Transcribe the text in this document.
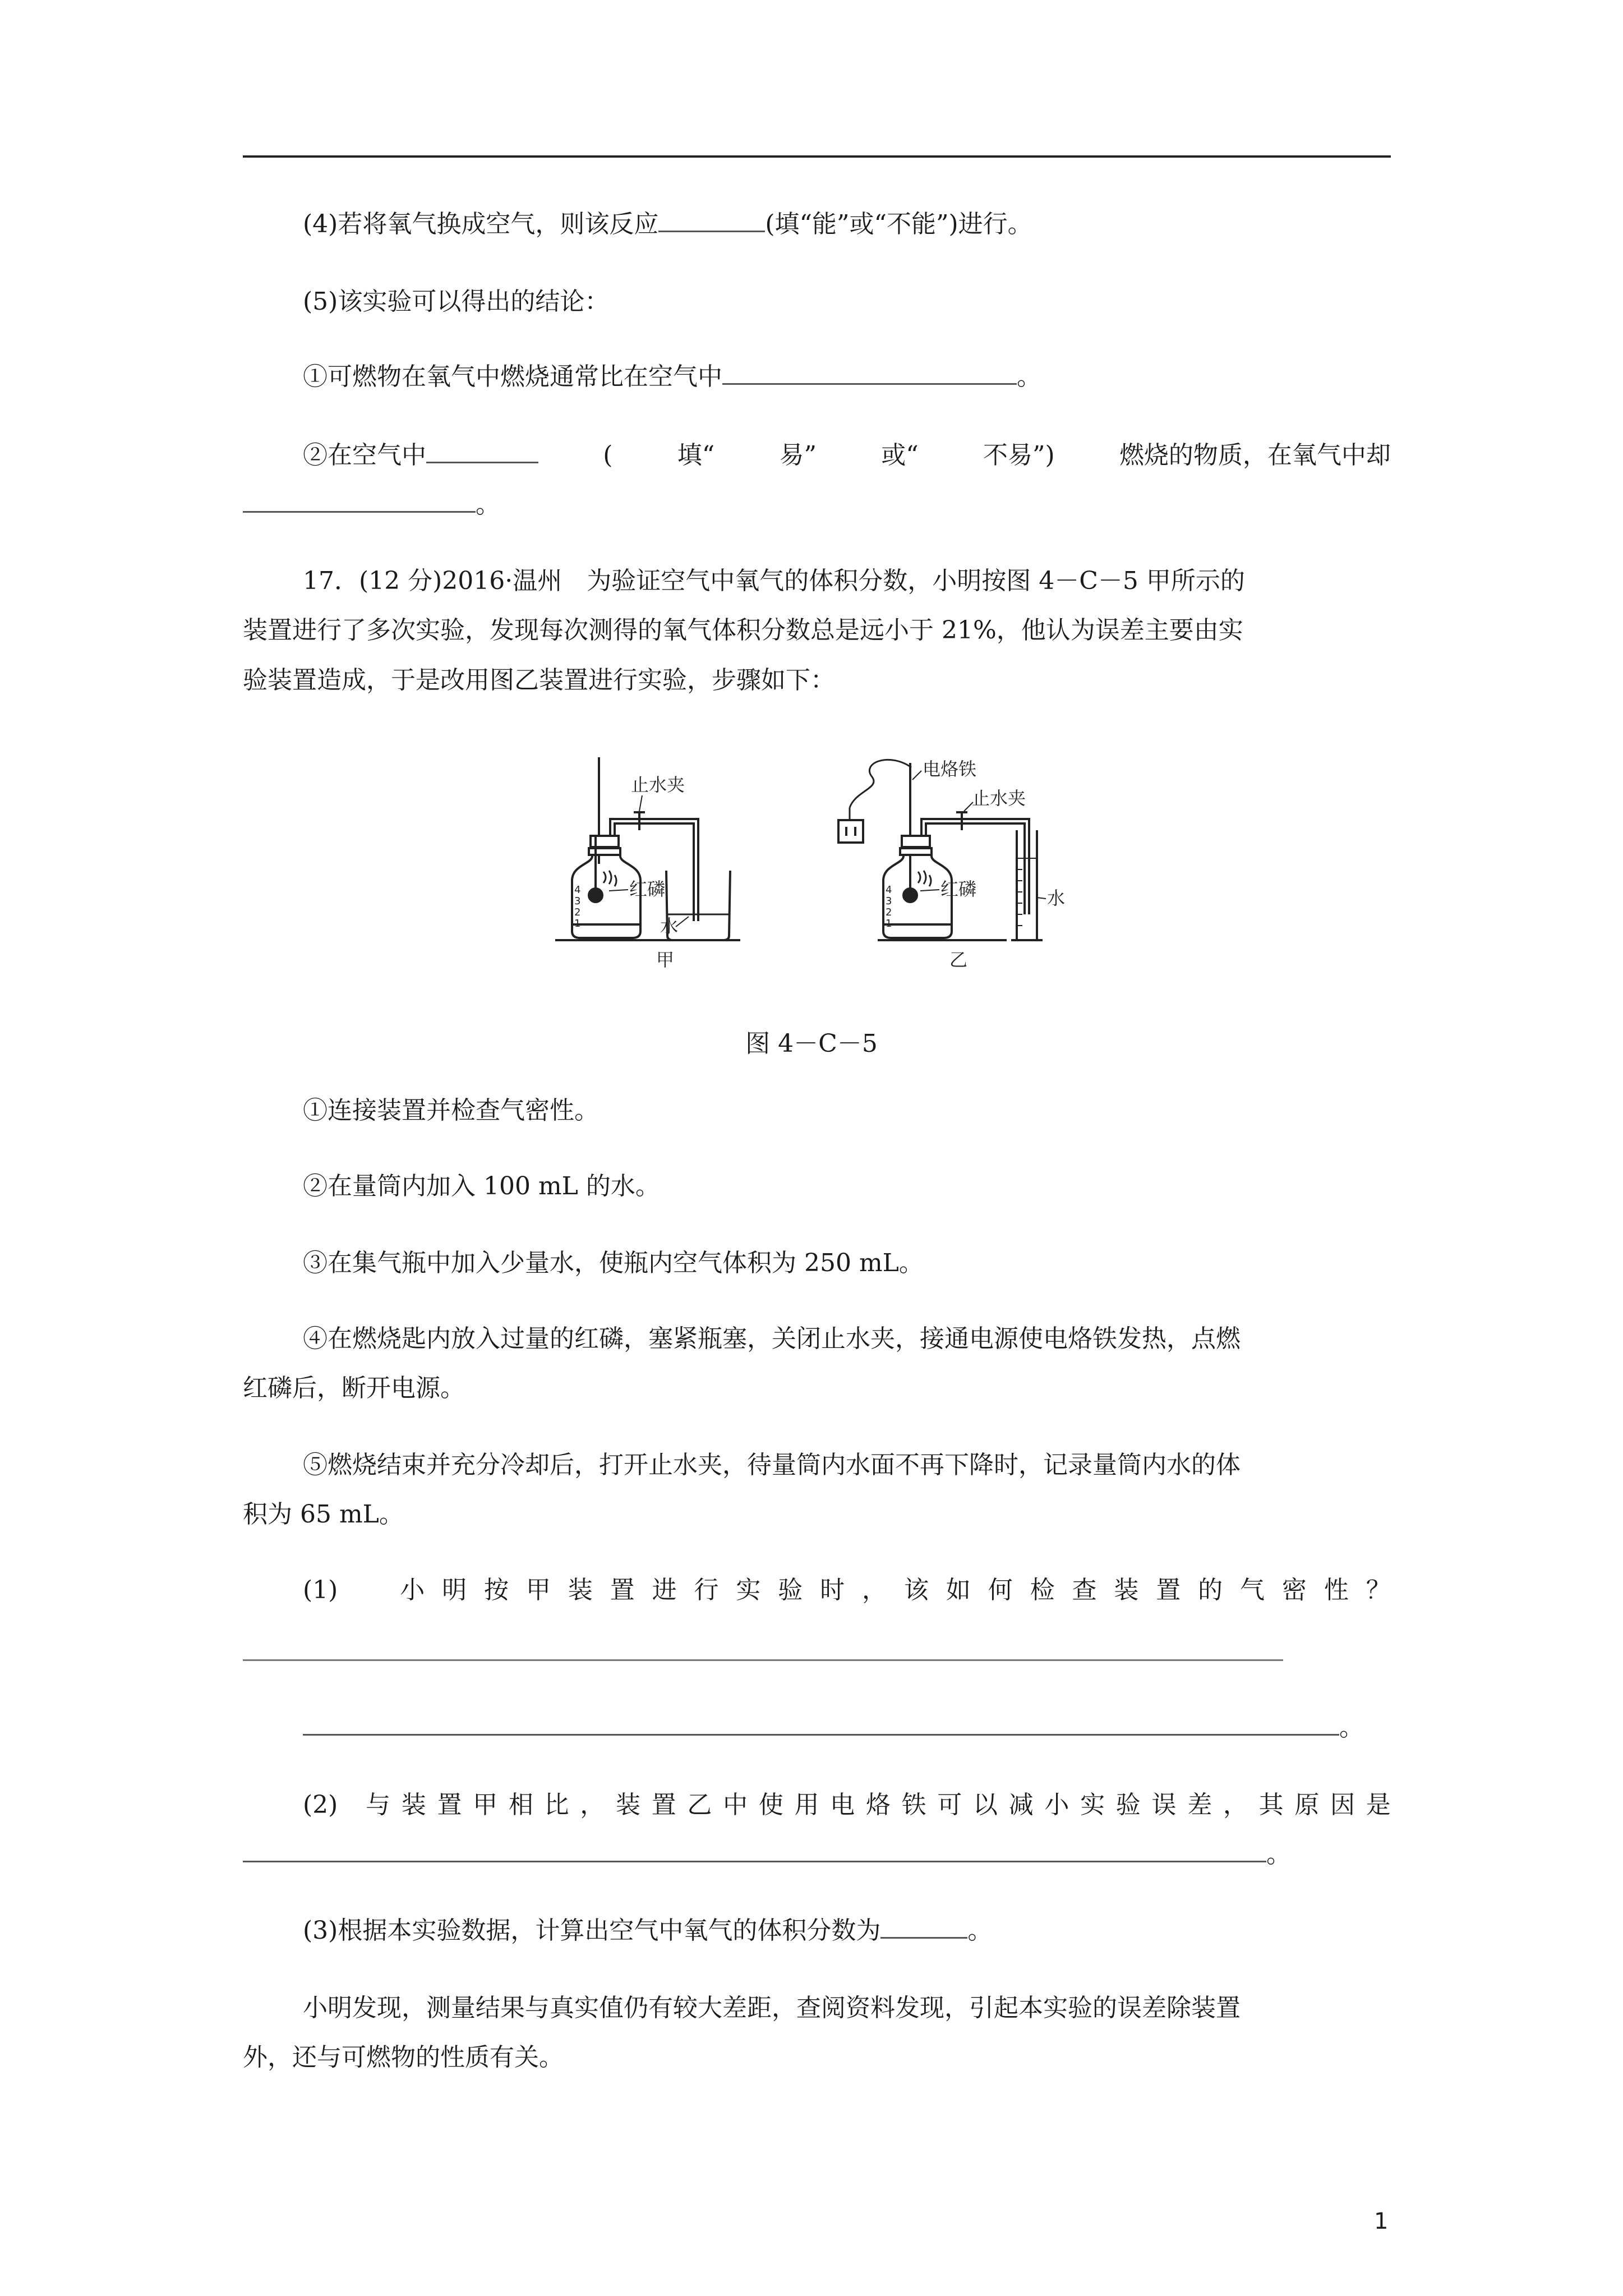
(4)若将氧气换成空气，则该反应	(填“能”或“不能”)进行。
(5)该实验可以得出的结论：
①可燃物在氧气中燃烧通常比在空气中	。
②在空气中	(	填“	易”	或“	不易”)	燃烧的物质，在氧气中却
。
17．(12 分)2016·温州　为验证空气中氧气的体积分数，小明按图 4－C－5 甲所示的
装置进行了多次实验，发现每次测得的氧气体积分数总是远小于 21%，他认为误差主要由实
验装置造成，于是改用图乙装置进行实验，步骤如下：
4
3
2
1
止水夹
红磷
水
甲
4
3
2
1
电烙铁
止水夹
红磷	水
乙
图 4－C－5
①连接装置并检查气密性。
②在量筒内加入 100 mL 的水。
③在集气瓶中加入少量水，使瓶内空气体积为 250 mL。
④在燃烧匙内放入过量的红磷，塞紧瓶塞，关闭止水夹，接通电源使电烙铁发热，点燃
红磷后，断开电源。
⑤燃烧结束并充分冷却后，打开止水夹，待量筒内水面不再下降时，记录量筒内水的体
积为 65 mL。
(1)	小 明 按 甲 装 置 进 行 实 验 时 ， 该 如 何 检 查 装 置 的 气 密 性 ？
。
(2) 与 装 置 甲 相 比 ， 装 置 乙 中 使 用 电 烙 铁 可 以 减 小 实 验 误 差 ， 其 原 因 是
。
(3)根据本实验数据，计算出空气中氧气的体积分数为	。
小明发现，测量结果与真实值仍有较大差距，查阅资料发现，引起本实验的误差除装置
外，还与可燃物的性质有关。
1
